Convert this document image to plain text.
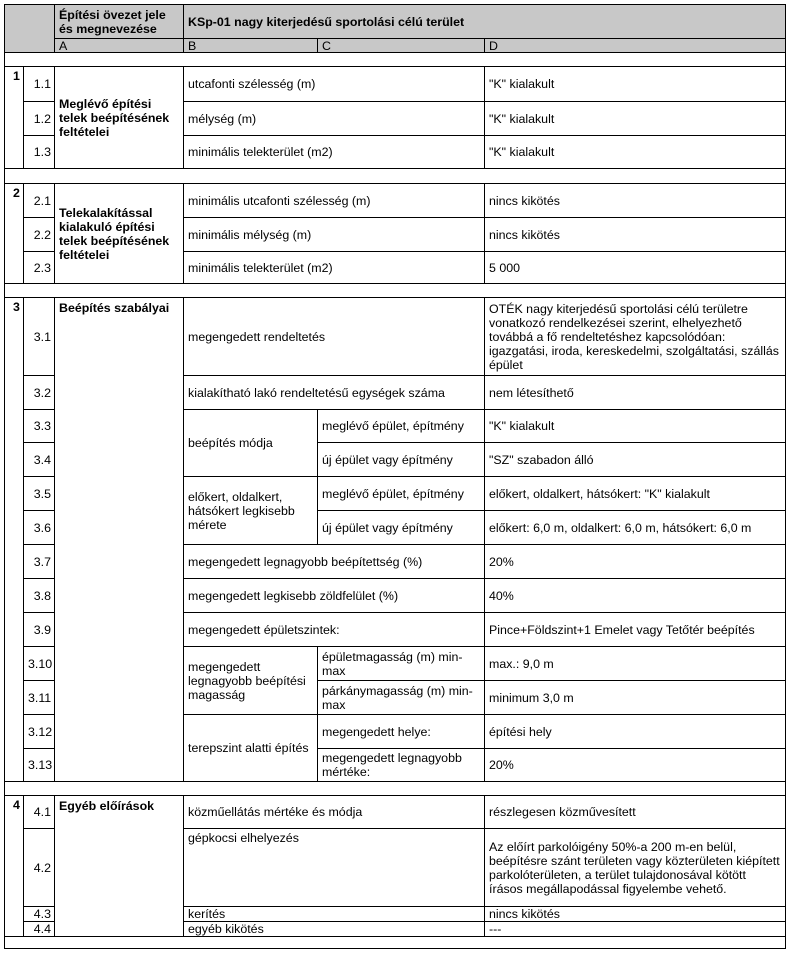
		Építési övezet jele és megnevezése	KSp-01 nagy kiterjedésű sportolási célú terület		
		A	B	C	D

1	1.1	Meglévő építési telek beépítésének feltételei	utcafonti szélesség (m)		"K" kialakult
	1.2		mélység (m)		"K" kialakult
	1.3		minimális telekterület (m2)		"K" kialakult

2	2.1	Telekalakítással kialakuló építési telek beépítésének feltételei	minimális utcafonti szélesség (m)		nincs kikötés
	2.2		minimális mélység (m)		nincs kikötés
	2.3		minimális telekterület (m2)		5 000

3	3.1	Beépítés szabályai	megengedett rendeltetés		OTÉK nagy kiterjedésű sportolási célú területre vonatkozó rendelkezései szerint, elhelyezhető továbbá a fő rendeltetéshez kapcsolódóan: igazgatási, iroda, kereskedelmi, szolgáltatási, szállás épület
	3.2		kialakítható lakó rendeltetésű egységek száma		nem létesíthető
	3.3		beépítés módja	meglévő épület, építmény	"K" kialakult
	3.4			új épület vagy építmény	"SZ" szabadon álló
	3.5		előkert, oldalkert, hátsókert legkisebb mérete	meglévő épület, építmény	előkert, oldalkert, hátsókert: "K" kialakult
	3.6			új épület vagy építmény	előkert: 6,0 m, oldalkert: 6,0 m, hátsókert: 6,0 m
	3.7		megengedett legnagyobb beépítettség (%)		20%
	3.8		megengedett legkisebb zöldfelület (%)		40%
	3.9		megengedett épületszintek:		Pince+Földszint+1 Emelet vagy Tetőtér beépítés
	3.10		megengedett legnagyobb beépítési magasság	épületmagasság (m) min-max	max.: 9,0 m
	3.11			párkánymagasság (m) min-max	minimum 3,0 m
	3.12		terepszint alatti építés	megengedett helye:	építési hely
	3.13			megengedett legnagyobb mértéke:	20%

4	4.1	Egyéb előírások	közműellátás mértéke és módja		részlegesen közművesített
	4.2		gépkocsi elhelyezés		Az előírt parkolóigény 50%-a 200 m-en belül, beépítésre szánt területen vagy közterületen kiépített parkolóterületen, a terület tulajdonosával kötött írásos megállapodással figyelembe vehető.
	4.3		kerítés		nincs kikötés
	4.4		egyéb kikötés		---
